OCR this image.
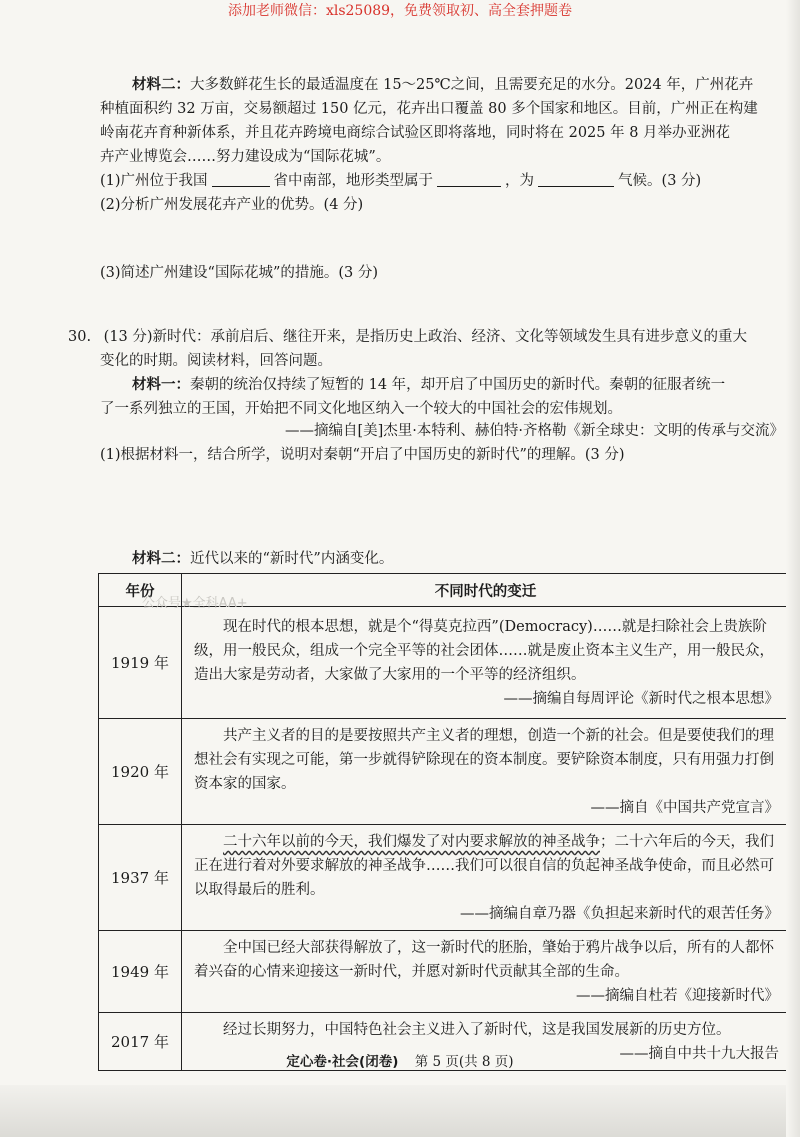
添加老师微信：xls25089，免费领取初、高全套押题卷
材料二：大多数鲜花生长的最适温度在 15～25℃之间，且需要充足的水分。2024 年，广州花卉
种植面积约 32 万亩，交易额超过 150 亿元，花卉出口覆盖 80 多个国家和地区。目前，广州正在构建
岭南花卉育种新体系，并且花卉跨境电商综合试验区即将落地，同时将在 2025 年 8 月举办亚洲花
卉产业博览会……努力建设成为“国际花城”。
(1)广州位于我国	省中南部，地形类型属于	，为	气候。(3 分)
(2)分析广州发展花卉产业的优势。(4 分)
(3)简述广州建设“国际花城”的措施。(3 分)
30. (13 分)新时代：承前启后、继往开来，是指历史上政治、经济、文化等领域发生具有进步意义的重大
变化的时期。阅读材料，回答问题。
材料一：秦朝的统治仅持续了短暂的 14 年，却开启了中国历史的新时代。秦朝的征服者统一
了一系列独立的王国，开始把不同文化地区纳入一个较大的中国社会的宏伟规划。
——摘编自[美]杰里·本特利、赫伯特·齐格勒《新全球史：文明的传承与交流》
(1)根据材料一，结合所学，说明对秦朝“开启了中国历史的新时代”的理解。(3 分)
材料二：近代以来的“新时代”内涵变化。
年份	不同时代的变迁
1919 年	现在时代的根本思想，就是个“得莫克拉西”(Democracy)……就是扫除社会上贵族阶级，用一般民众，组成一个完全平等的社会团体……就是废止资本主义生产，用一般民众，造出大家是劳动者，大家做了大家用的一个平等的经济组织。

——摘编自每周评论《新时代之根本思想》

1920 年	共产主义者的目的是要按照共产主义者的理想，创造一个新的社会。但是要使我们的理想社会有实现之可能，第一步就得铲除现在的资本制度。要铲除资本制度，只有用强力打倒资本家的国家。

——摘自《中国共产党宣言》

1937 年	二十六年以前的今天，我们爆发了对内要求解放的神圣战争；二十六年后的今天，我们正在进行着对外要求解放的神圣战争……我们可以很自信的负起神圣战争使命，而且必然可以取得最后的胜利。

——摘编自章乃器《负担起来新时代的艰苦任务》

1949 年	全中国已经大部获得解放了，这一新时代的胚胎，肇始于鸦片战争以后，所有的人都怀着兴奋的心情来迎接这一新时代，并愿对新时代贡献其全部的生命。

——摘编自杜若《迎接新时代》

2017 年	经过长期努力，中国特色社会主义进入了新时代，这是我国发展新的历史方位。

——摘自中共十九大报告

公众号★全科AA+
定心卷·社会(闭卷) 第 5 页(共 8 页)
